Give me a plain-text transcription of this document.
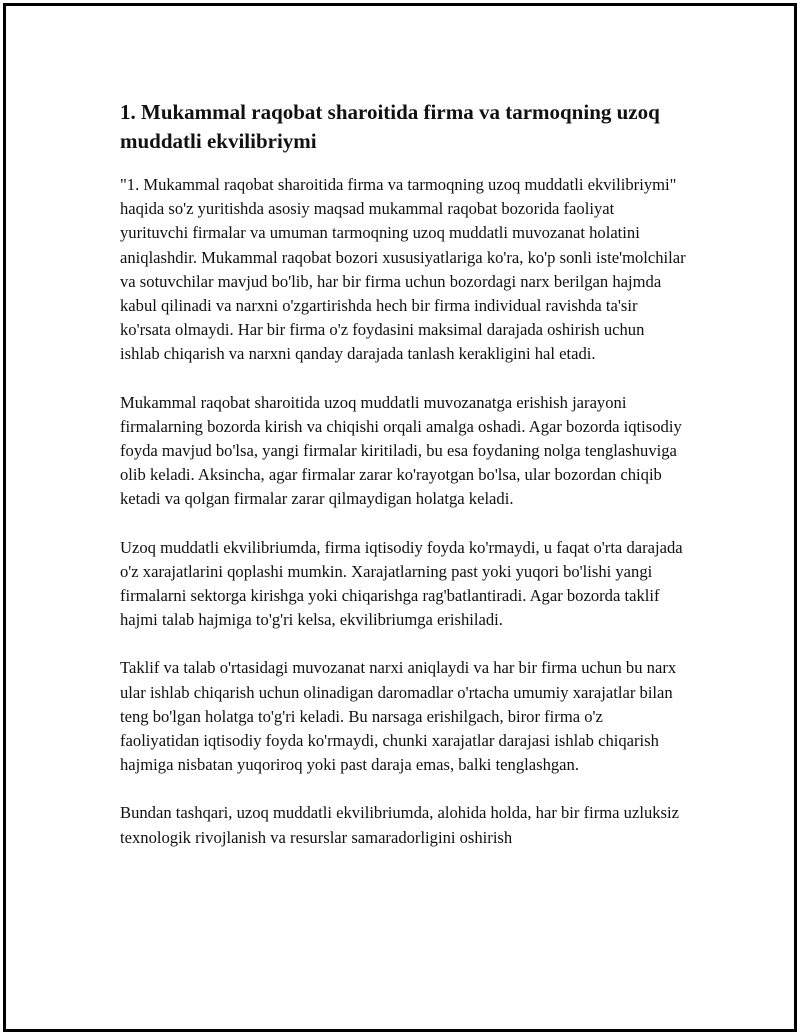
1. Mukammal raqobat sharoitida firma va tarmoqning uzoq muddatli ekvilibriymi

"1. Mukammal raqobat sharoitida firma va tarmoqning uzoq muddatli ekvilibriymi" haqida so'z yuritishda asosiy maqsad mukammal raqobat bozorida faoliyat yurituvchi firmalar va umuman tarmoqning uzoq muddatli muvozanat holatini aniqlashdir. Mukammal raqobat bozori xususiyatlariga ko'ra, ko'p sonli iste'molchilar va sotuvchilar mavjud bo'lib, har bir firma uchun bozordagi narx berilgan hajmda kabul qilinadi va narxni o'zgartirishda hech bir firma individual ravishda ta'sir ko'rsata olmaydi. Har bir firma o'z foydasini maksimal darajada oshirish uchun ishlab chiqarish va narxni qanday darajada tanlash kerakligini hal etadi.

Mukammal raqobat sharoitida uzoq muddatli muvozanatga erishish jarayoni firmalarning bozorda kirish va chiqishi orqali amalga oshadi. Agar bozorda iqtisodiy foyda mavjud bo'lsa, yangi firmalar kiritiladi, bu esa foydaning nolga tenglashuviga olib keladi. Aksincha, agar firmalar zarar ko'rayotgan bo'lsa, ular bozordan chiqib ketadi va qolgan firmalar zarar qilmaydigan holatga keladi.

Uzoq muddatli ekvilibriumda, firma iqtisodiy foyda ko'rmaydi, u faqat o'rta darajada o'z xarajatlarini qoplashi mumkin. Xarajatlarning past yoki yuqori bo'lishi yangi firmalarni sektorga kirishga yoki chiqarishga rag'batlantiradi. Agar bozorda taklif hajmi talab hajmiga to'g'ri kelsa, ekvilibriumga erishiladi.

Taklif va talab o'rtasidagi muvozanat narxi aniqlaydi va har bir firma uchun bu narx ular ishlab chiqarish uchun olinadigan daromadlar o'rtacha umumiy xarajatlar bilan teng bo'lgan holatga to'g'ri keladi. Bu narsaga erishilgach, biror firma o'z faoliyatidan iqtisodiy foyda ko'rmaydi, chunki xarajatlar darajasi ishlab chiqarish hajmiga nisbatan yuqoriroq yoki past daraja emas, balki tenglashgan.

Bundan tashqari, uzoq muddatli ekvilibriumda, alohida holda, har bir firma uzluksiz texnologik rivojlanish va resurslar samaradorligini oshirish
